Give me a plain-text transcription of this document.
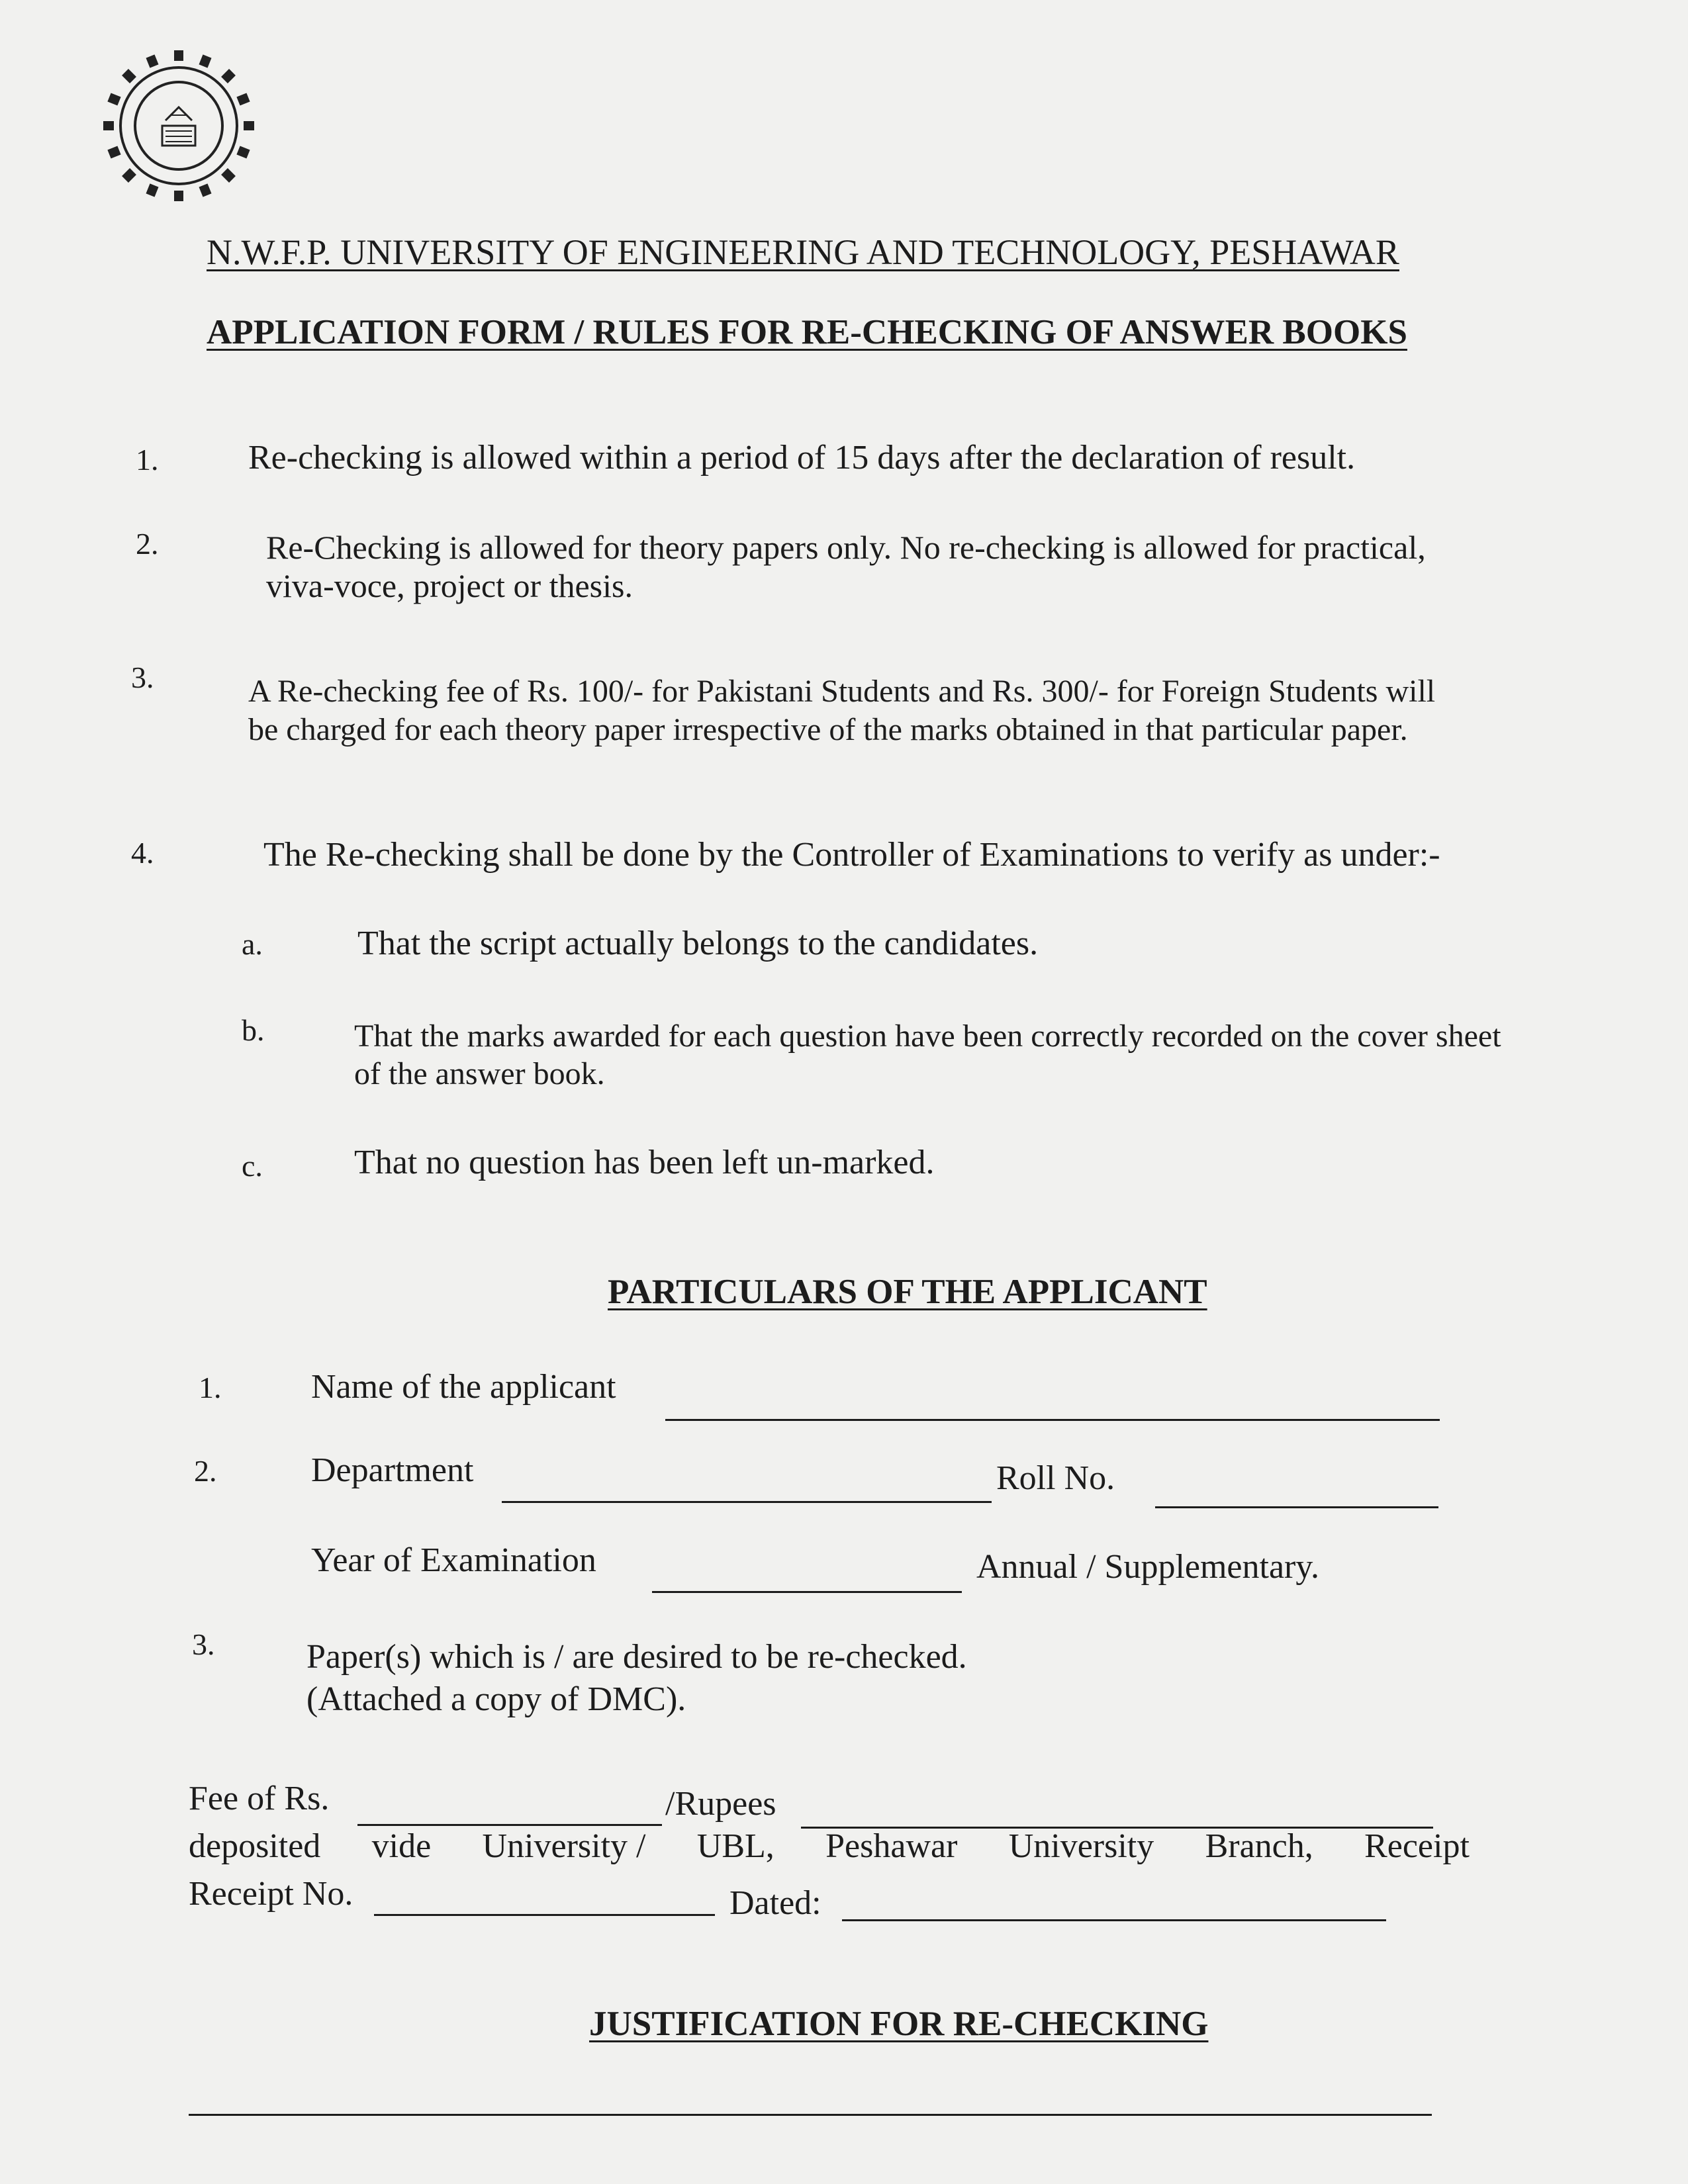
N.W.F.P. UNIVERSITY OF ENGINEERING AND TECHNOLOGY, PESHAWAR
APPLICATION FORM / RULES FOR RE-CHECKING OF ANSWER BOOKS
1.	Re-checking is allowed within a period of 15 days after the declaration of result.
2.	Re-Checking is allowed for theory papers only. No re-checking is allowed for practical,
viva-voce, project or thesis.
3.	A Re-checking fee of Rs. 100/- for Pakistani Students and Rs. 300/- for Foreign Students will
be charged for each theory paper irrespective of the marks obtained in that particular paper.
4.	The Re-checking shall be done by the Controller of Examinations to verify as under:-
a.	That the script actually belongs to the candidates.
b.	That the marks awarded for each question have been correctly recorded on the cover sheet
of the answer book.
c.	That no question has been left un-marked.
PARTICULARS OF THE APPLICANT
1.	Name of the applicant
2.	Department	Roll No.
Year of Examination	Annual / Supplementary.
3.	Paper(s) which is / are desired to be re-checked.
(Attached a copy of DMC).
Fee of Rs.	/Rupees
deposited vide University / UBL, Peshawar University Branch, Receipt
Receipt No.	Dated:
JUSTIFICATION FOR RE-CHECKING
